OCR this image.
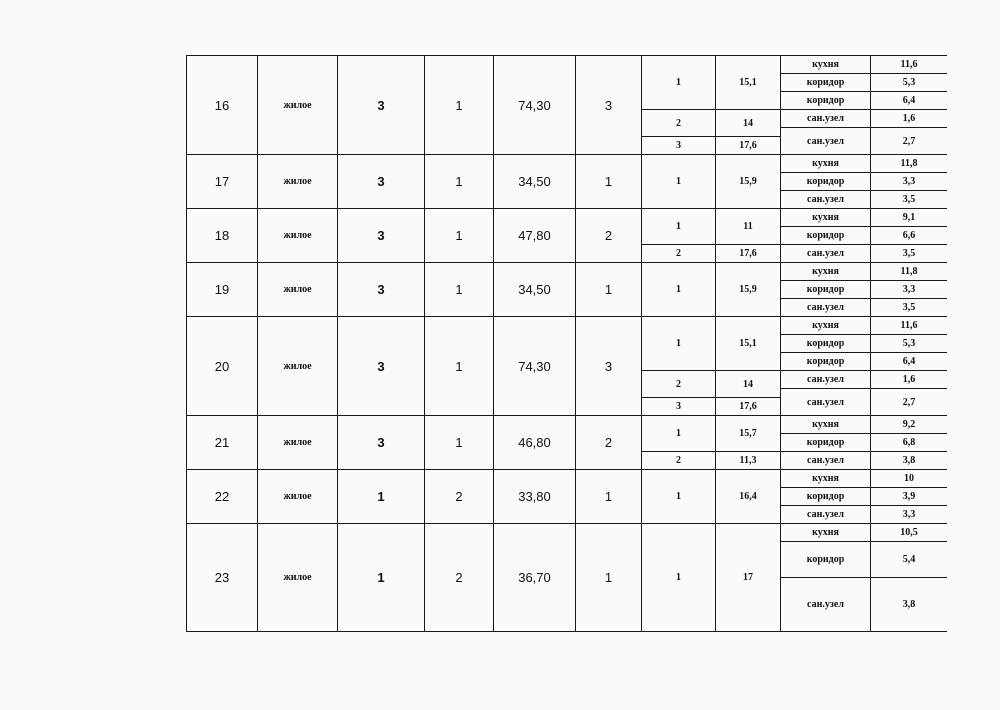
16	жилое	3	1	74,30	3	1	15,1	кухня	11,6
								коридор	5,3
								коридор	6,4
						2	14	сан.узел	1,6
								сан.узел	2,7
						3	17,6		
17	жилое	3	1	34,50	1	1	15,9	кухня	11,8
								коридор	3,3
								сан.узел	3,5
18	жилое	3	1	47,80	2	1	11	кухня	9,1
								коридор	6,6
						2	17,6	сан.узел	3,5
19	жилое	3	1	34,50	1	1	15,9	кухня	11,8
								коридор	3,3
								сан.узел	3,5
20	жилое	3	1	74,30	3	1	15,1	кухня	11,6
								коридор	5,3
								коридор	6,4
						2	14	сан.узел	1,6
								сан.узел	2,7
						3	17,6		
21	жилое	3	1	46,80	2	1	15,7	кухня	9,2
								коридор	6,8
						2	11,3	сан.узел	3,8
22	жилое	1	2	33,80	1	1	16,4	кухня	10
								коридор	3,9
								сан.узел	3,3
23	жилое	1	2	36,70	1	1	17	кухня	10,5
								коридор	5,4
								сан.узел	3,8
